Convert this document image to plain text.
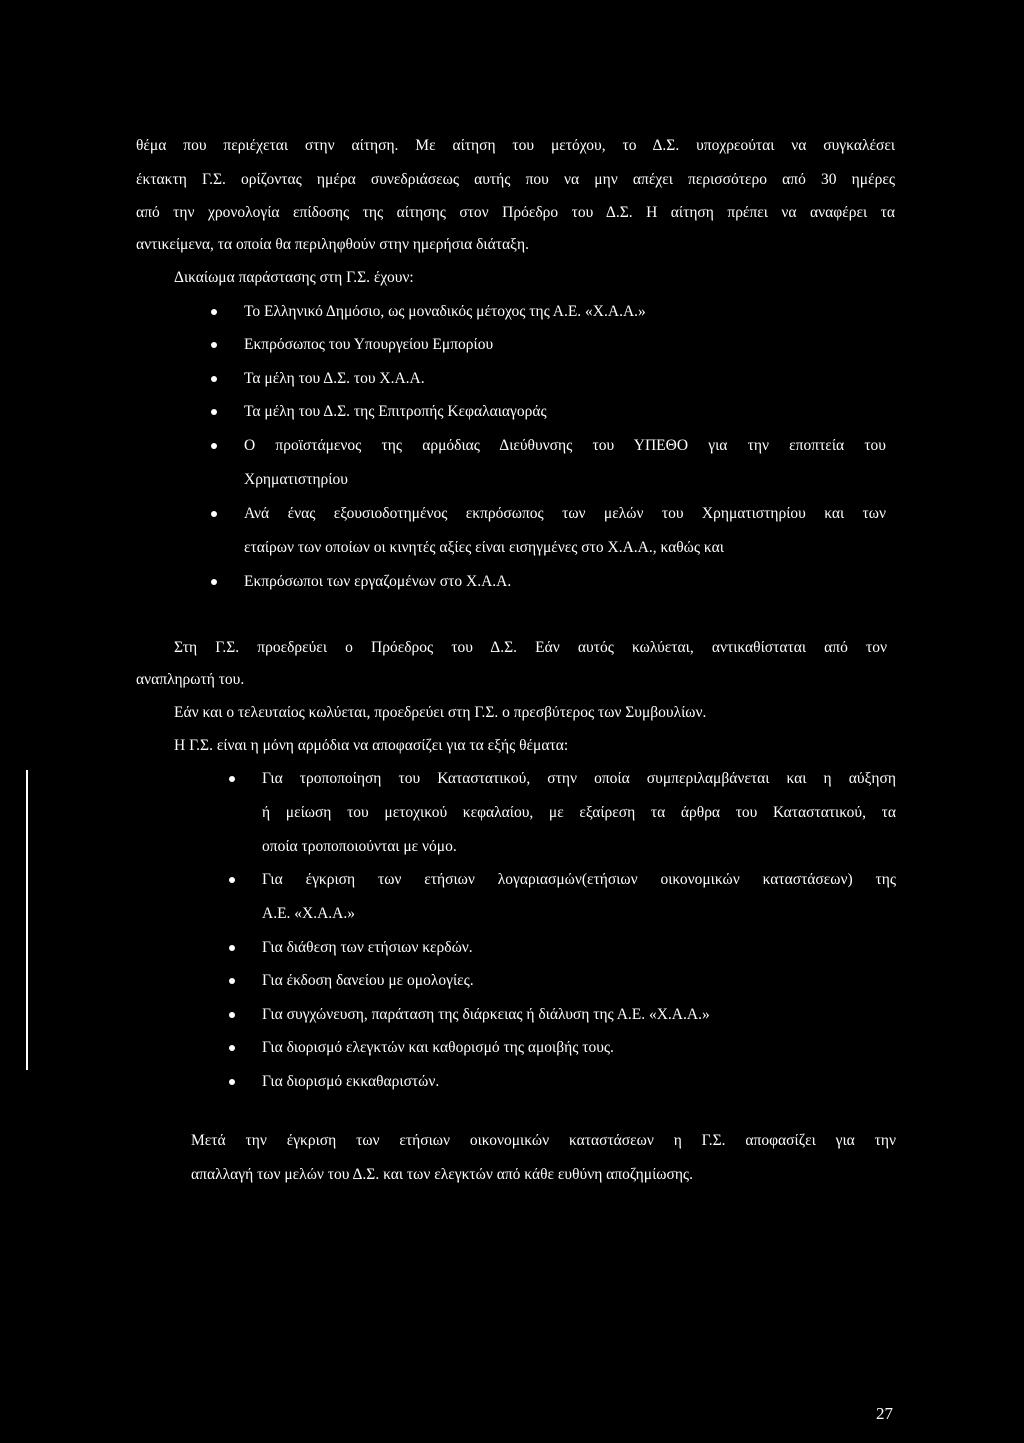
θέμα που περιέχεται στην αίτηση. Με αίτηση του μετόχου, το Δ.Σ. υποχρεούται να συγκαλέσει
έκτακτη Γ.Σ. ορίζοντας ημέρα συνεδριάσεως αυτής που να μην απέχει περισσότερο από 30 ημέρες
από την χρονολογία επίδοσης της αίτησης στον Πρόεδρο του Δ.Σ. Η αίτηση πρέπει να αναφέρει τα
αντικείμενα, τα οποία θα περιληφθούν στην ημερήσια διάταξη.
Δικαίωμα παράστασης στη Γ.Σ. έχουν:
Το Ελληνικό Δημόσιο, ως μοναδικός μέτοχος της Α.Ε. «Χ.Α.Α.»
Εκπρόσωπος του Υπουργείου Εμπορίου
Τα μέλη του Δ.Σ. του Χ.Α.Α.
Τα μέλη του Δ.Σ. της Επιτροπής Κεφαλαιαγοράς
Ο προϊστάμενος της αρμόδιας Διεύθυνσης του ΥΠΕΘΟ για την εποπτεία του
Χρηματιστηρίου
Ανά ένας εξουσιοδοτημένος εκπρόσωπος των μελών του Χρηματιστηρίου και των
εταίρων των οποίων οι κινητές αξίες είναι εισηγμένες στο Χ.Α.Α., καθώς και
Εκπρόσωποι των εργαζομένων στο Χ.Α.Α.
Στη Γ.Σ. προεδρεύει ο Πρόεδρος του Δ.Σ. Εάν αυτός κωλύεται, αντικαθίσταται από τον
αναπληρωτή του.
Εάν και ο τελευταίος κωλύεται, προεδρεύει στη Γ.Σ. ο πρεσβύτερος των Συμβουλίων.
Η Γ.Σ. είναι η μόνη αρμόδια να αποφασίζει για τα εξής θέματα:
Για τροποποίηση του Καταστατικού, στην οποία συμπεριλαμβάνεται και η αύξηση
ή μείωση του μετοχικού κεφαλαίου, με εξαίρεση τα άρθρα του Καταστατικού, τα
οποία τροποποιούνται με νόμο.
Για έγκριση των ετήσιων λογαριασμών(ετήσιων οικονομικών καταστάσεων) της
Α.Ε. «Χ.Α.Α.»
Για διάθεση των ετήσιων κερδών.
Για έκδοση δανείου με ομολογίες.
Για συγχώνευση, παράταση της διάρκειας ή διάλυση της Α.Ε. «Χ.Α.Α.»
Για διορισμό ελεγκτών και καθορισμό της αμοιβής τους.
Για διορισμό εκκαθαριστών.
Μετά την έγκριση των ετήσιων οικονομικών καταστάσεων η Γ.Σ. αποφασίζει για την
απαλλαγή των μελών του Δ.Σ. και των ελεγκτών από κάθε ευθύνη αποζημίωσης.
27
